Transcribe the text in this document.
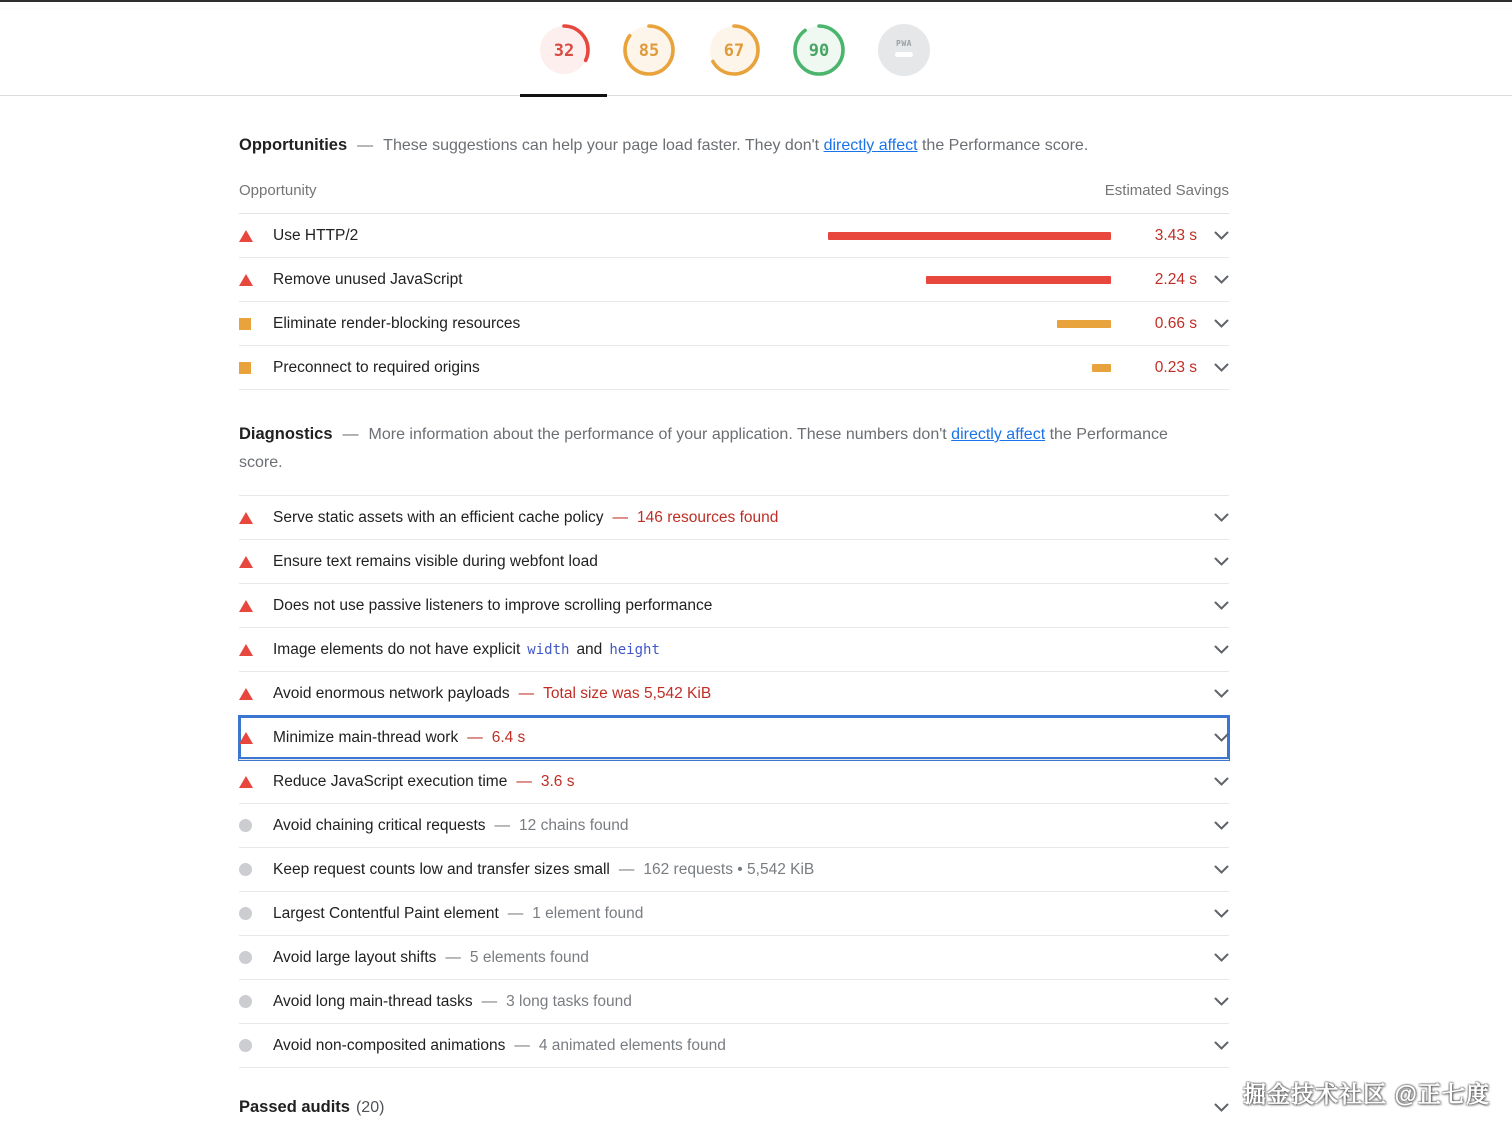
32	85	67	90	PWA
Opportunities — These suggestions can help your page load faster. They don't directly affect the Performance score.
Opportunity	Estimated Savings
Use HTTP/2	3.43 s
Remove unused JavaScript	2.24 s
Eliminate render-blocking resources	0.66 s
Preconnect to required origins	0.23 s
Diagnostics — More information about the performance of your application. These numbers don't directly affect the Performance score.
Serve static assets with an efficient cache policy — 146 resources found
Ensure text remains visible during webfont load
Does not use passive listeners to improve scrolling performance
Image elements do not have explicit width and height
Avoid enormous network payloads — Total size was 5,542 KiB
Minimize main-thread work — 6.4 s
Reduce JavaScript execution time — 3.6 s
Avoid chaining critical requests — 12 chains found
Keep request counts low and transfer sizes small — 162 requests • 5,542 KiB
Largest Contentful Paint element — 1 element found
Avoid large layout shifts — 5 elements found
Avoid long main-thread tasks — 3 long tasks found
Avoid non-composited animations — 4 animated elements found
Passed audits (20)	掘金技术社区 @正七度
